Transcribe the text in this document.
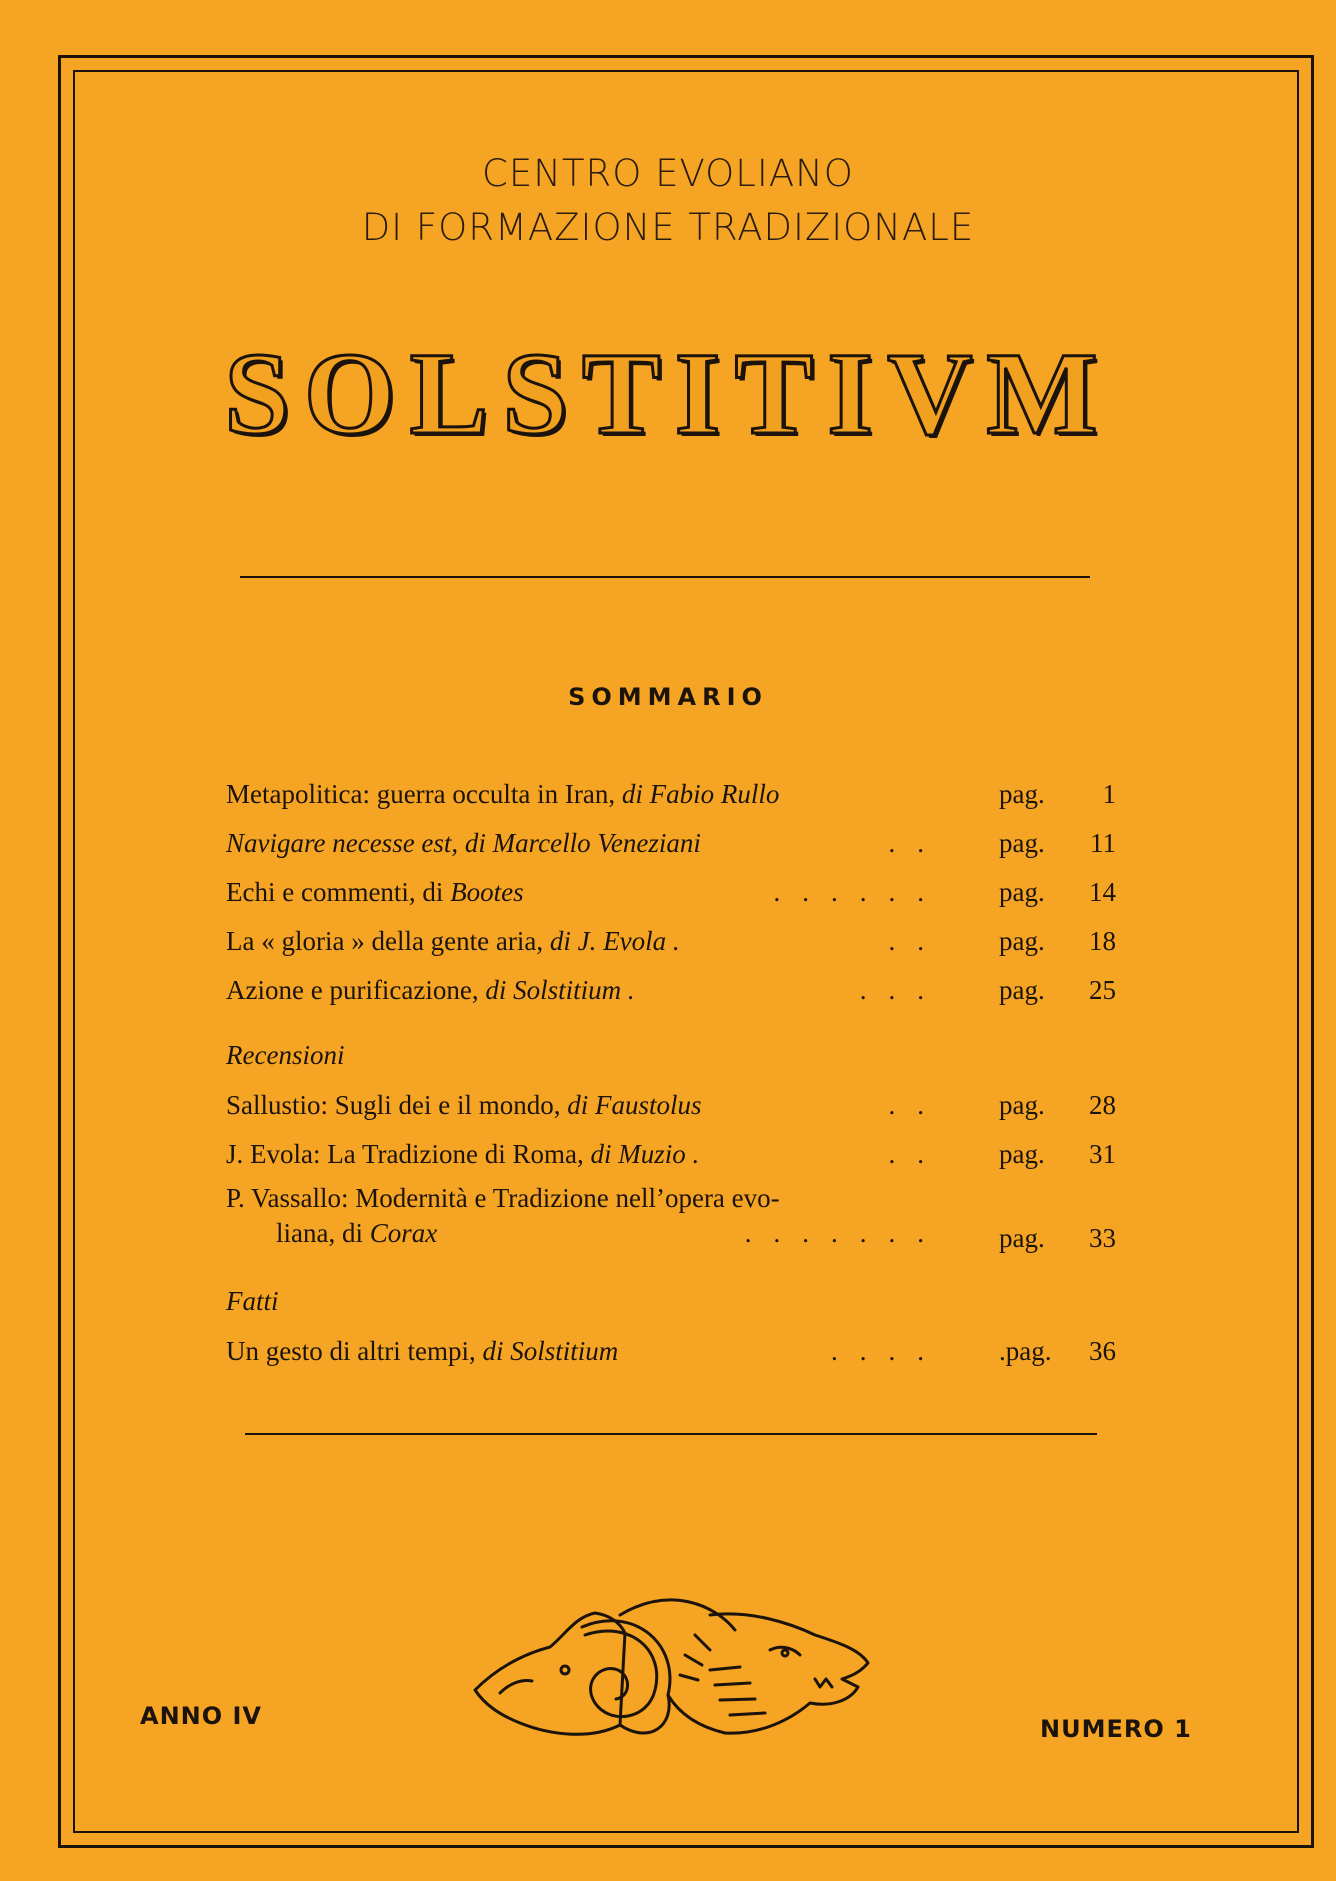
CENTRO EVOLIANO
DI FORMAZIONE TRADIZIONALE
SOLSTITIVM
SOMMARIO
Metapolitica: guerra occulta in Iran, di Fabio Rullo	pag.	1
Navigare necesse est, di Marcello Veneziani	.. pag.	11
Echi e commenti, di Bootes	...... pag.	14
La « gloria » della gente aria, di J. Evola .	.. pag.	18
Azione e purificazione, di Solstitium .	... pag.	25
Recensioni
Sallustio: Sugli dei e il mondo, di Faustolus	.. pag.	28
J. Evola: La Tradizione di Roma, di Muzio .	.. pag.	31
P. Vassallo: Modernità e Tradizione nell’opera evo-
liana, di Corax	....... pag.	33
Fatti
Un gesto di altri tempi, di Solstitium	.... .pag.	36
ANNO IV	NUMERO 1
